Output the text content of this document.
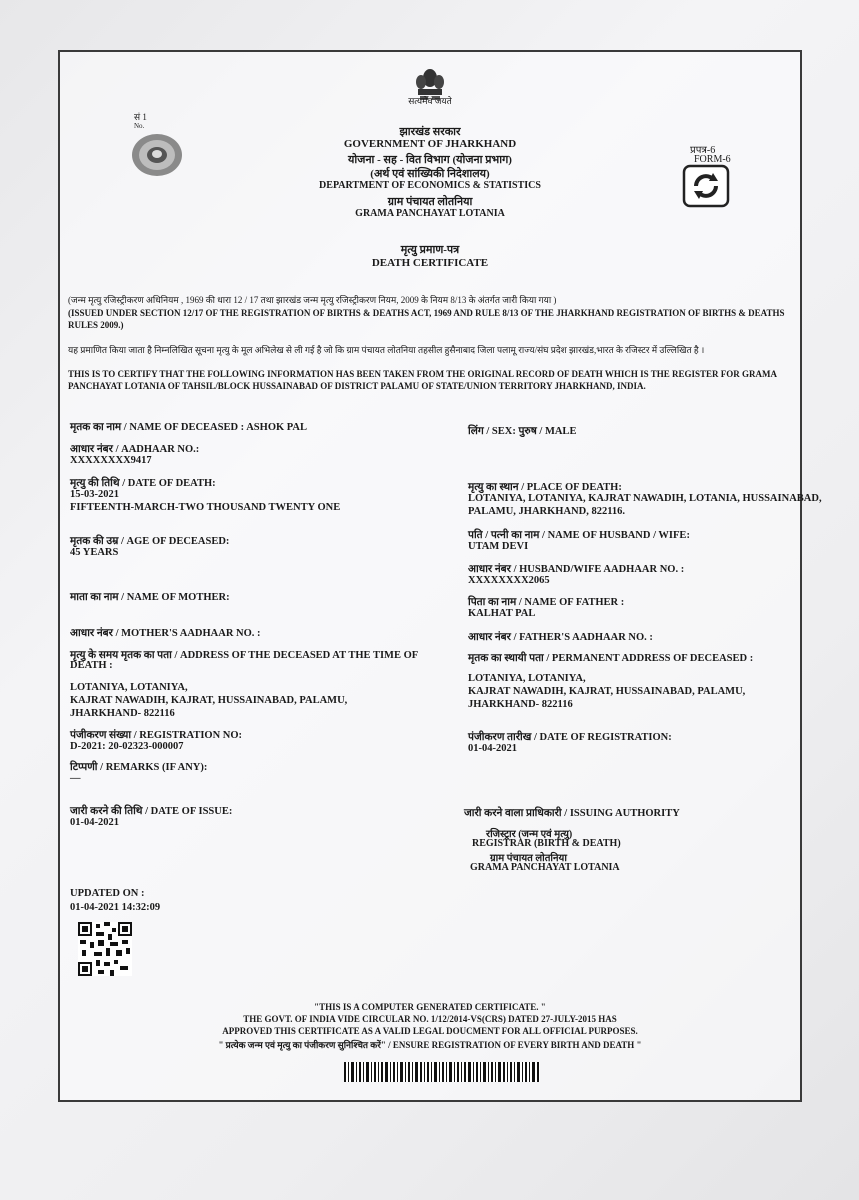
सत्यमेव जयते
सं 1
No.	झारखंड सरकार
GOVERNMENT OF JHARKHAND
योजना - सह - वित विभाग (योजना प्रभाग)
(अर्थ एवं सांख्यिकी निदेशालय)
DEPARTMENT OF ECONOMICS & STATISTICS
ग्राम पंचायत लोतनिया
GRAMA PANCHAYAT LOTANIA
प्रपत्र-6
FORM-6
मृत्यु प्रमाण-पत्र
DEATH CERTIFICATE
(जन्म मृत्यु रजिस्ट्रीकरण अधिनियम , 1969 की धारा 12 / 17 तथा झारखंड जन्म मृत्यु रजिस्ट्रीकरण नियम, 2009 के नियम 8/13 के अंतर्गत जारी किया गया )
(ISSUED UNDER SECTION 12/17 OF THE REGISTRATION OF BIRTHS & DEATHS ACT, 1969 AND RULE 8/13 OF THE JHARKHAND REGISTRATION OF BIRTHS & DEATHS RULES 2009.)
यह प्रमाणित किया जाता है निम्नलिखित सूचना मृत्यु के मूल अभिलेख से ली गई है जो कि ग्राम पंचायत लोतनिया तहसील हुसैनाबाद जिला पलामू राज्य/संघ प्रदेश झारखंड,भारत के रजिस्टर में उल्लिखित है ।
THIS IS TO CERTIFY THAT THE FOLLOWING INFORMATION HAS BEEN TAKEN FROM THE ORIGINAL RECORD OF DEATH WHICH IS THE REGISTER FOR GRAMA PANCHAYAT LOTANIA OF TAHSIL/BLOCK HUSSAINABAD OF DISTRICT PALAMU OF STATE/UNION TERRITORY JHARKHAND, INDIA.
मृतक का नाम / NAME OF DECEASED : ASHOK PAL
आधार नंबर / AADHAAR NO.:
XXXXXXXX9417
मृत्यु की तिथि / DATE OF DEATH:
15-03-2021
FIFTEENTH-MARCH-TWO THOUSAND TWENTY ONE
मृतक की उम्र / AGE OF DECEASED:
45 YEARS
माता का नाम / NAME OF MOTHER:
आधार नंबर / MOTHER'S AADHAAR NO. :
मृत्यु के समय मृतक का पता / ADDRESS OF THE DECEASED AT THE TIME OF
DEATH :
LOTANIYA, LOTANIYA,
KAJRAT NAWADIH, KAJRAT, HUSSAINABAD, PALAMU,
JHARKHAND- 822116
पंजीकरण संख्या / REGISTRATION NO:
D-2021: 20-02323-000007
टिप्पणी / REMARKS (IF ANY):
—
जारी करने की तिथि / DATE OF ISSUE:
01-04-2021
लिंग / SEX: पुरुष / MALE
मृत्यु का स्थान / PLACE OF DEATH:
LOTANIYA, LOTANIYA, KAJRAT NAWADIH, LOTANIA, HUSSAINABAD,
PALAMU, JHARKHAND, 822116.
पति / पत्नी का नाम / NAME OF HUSBAND / WIFE:
UTAM DEVI
आधार नंबर / HUSBAND/WIFE AADHAAR NO. :
XXXXXXXX2065
पिता का नाम / NAME OF FATHER :
KALHAT PAL
आधार नंबर / FATHER'S AADHAAR NO. :
मृतक का स्थायी पता / PERMANENT ADDRESS OF DECEASED :
LOTANIYA, LOTANIYA,
KAJRAT NAWADIH, KAJRAT, HUSSAINABAD, PALAMU,
JHARKHAND- 822116
पंजीकरण तारीख / DATE OF REGISTRATION:
01-04-2021
जारी करने वाला प्राधिकारी / ISSUING AUTHORITY
रजिस्ट्रार (जन्म एवं मृत्यु)
REGISTRAR (BIRTH & DEATH)
ग्राम पंचायत लोतनिया
GRAMA PANCHAYAT LOTANIA
UPDATED ON :
01-04-2021 14:32:09
"THIS IS A COMPUTER GENERATED CERTIFICATE. "
THE GOVT. OF INDIA VIDE CIRCULAR NO. 1/12/2014-VS(CRS) DATED 27-JULY-2015 HAS
APPROVED THIS CERTIFICATE AS A VALID LEGAL DOUCMENT FOR ALL OFFICIAL PURPOSES.
" प्रत्येक जन्म एवं मृत्यु का पंजीकरण सुनिश्चित करें" / ENSURE REGISTRATION OF EVERY BIRTH AND DEATH "
